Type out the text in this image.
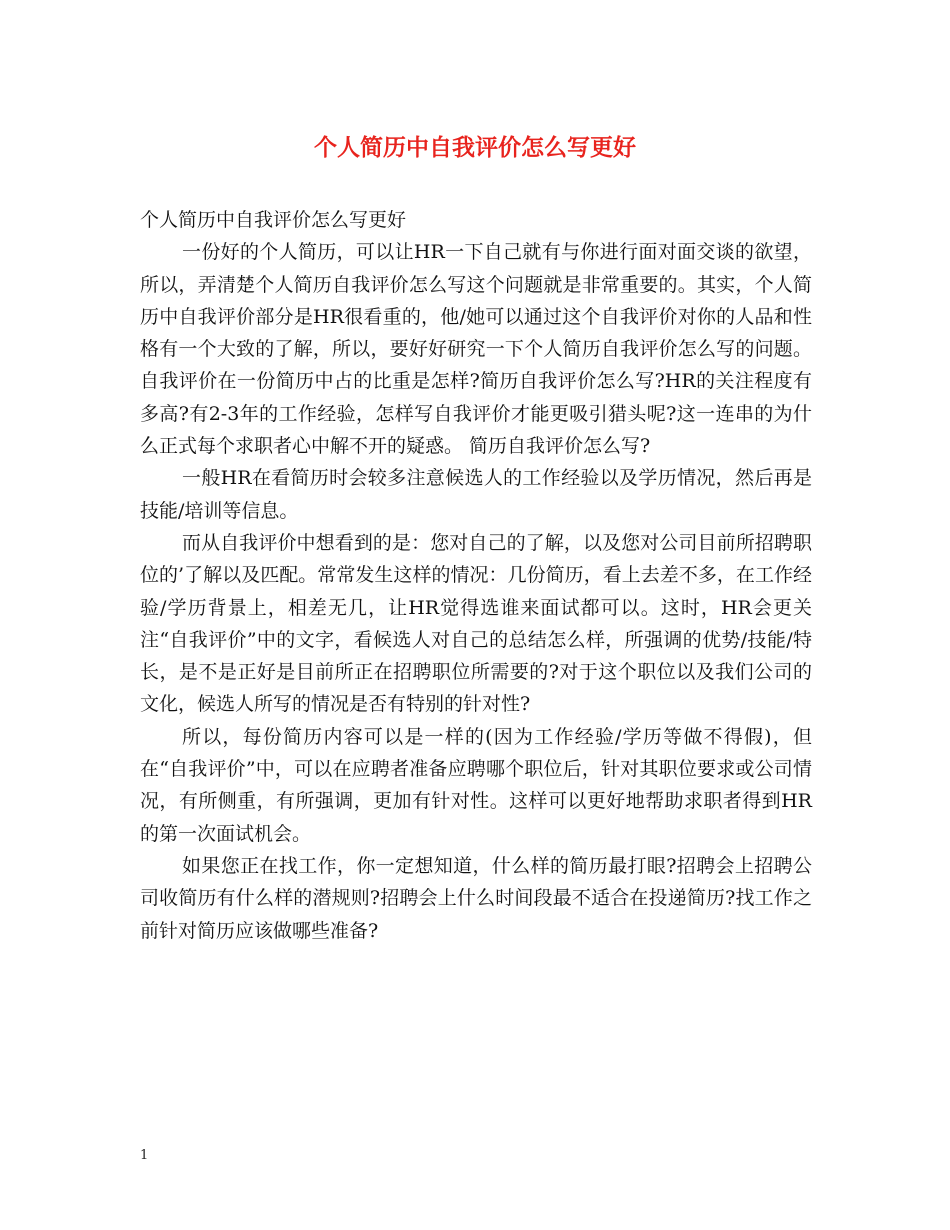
个人简历中自我评价怎么写更好

个人简历中自我评价怎么写更好

一份好的个人简历，可以让HR一下自己就有与你进行面对面交谈的欲望，所以，弄清楚个人简历自我评价怎么写这个问题就是非常重要的。其实，个人简历中自我评价部分是HR很看重的，他/她可以通过这个自我评价对你的人品和性格有一个大致的了解，所以，要好好研究一下个人简历自我评价怎么写的问题。 自我评价在一份简历中占的比重是怎样?简历自我评价怎么写?HR的关注程度有多高?有2-3年的工作经验，怎样写自我评价才能更吸引猎头呢?这一连串的为什么正式每个求职者心中解不开的疑惑。 简历自我评价怎么写?

一般HR在看简历时会较多注意候选人的工作经验以及学历情况，然后再是技能/培训等信息。

而从自我评价中想看到的是：您对自己的了解，以及您对公司目前所招聘职位的’了解以及匹配。常常发生这样的情况：几份简历，看上去差不多，在工作经验/学历背景上，相差无几，让HR觉得选谁来面试都可以。这时，HR会更关注“自我评价”中的文字，看候选人对自己的总结怎么样，所强调的优势/技能/特长，是不是正好是目前所正在招聘职位所需要的?对于这个职位以及我们公司的文化，候选人所写的情况是否有特别的针对性?

所以，每份简历内容可以是一样的(因为工作经验/学历等做不得假)，但在“自我评价”中，可以在应聘者准备应聘哪个职位后，针对其职位要求或公司情况，有所侧重，有所强调，更加有针对性。这样可以更好地帮助求职者得到HR的第一次面试机会。

如果您正在找工作，你一定想知道，什么样的简历最打眼?招聘会上招聘公司收简历有什么样的潜规则?招聘会上什么时间段最不适合在投递简历?找工作之前针对简历应该做哪些准备?

1
